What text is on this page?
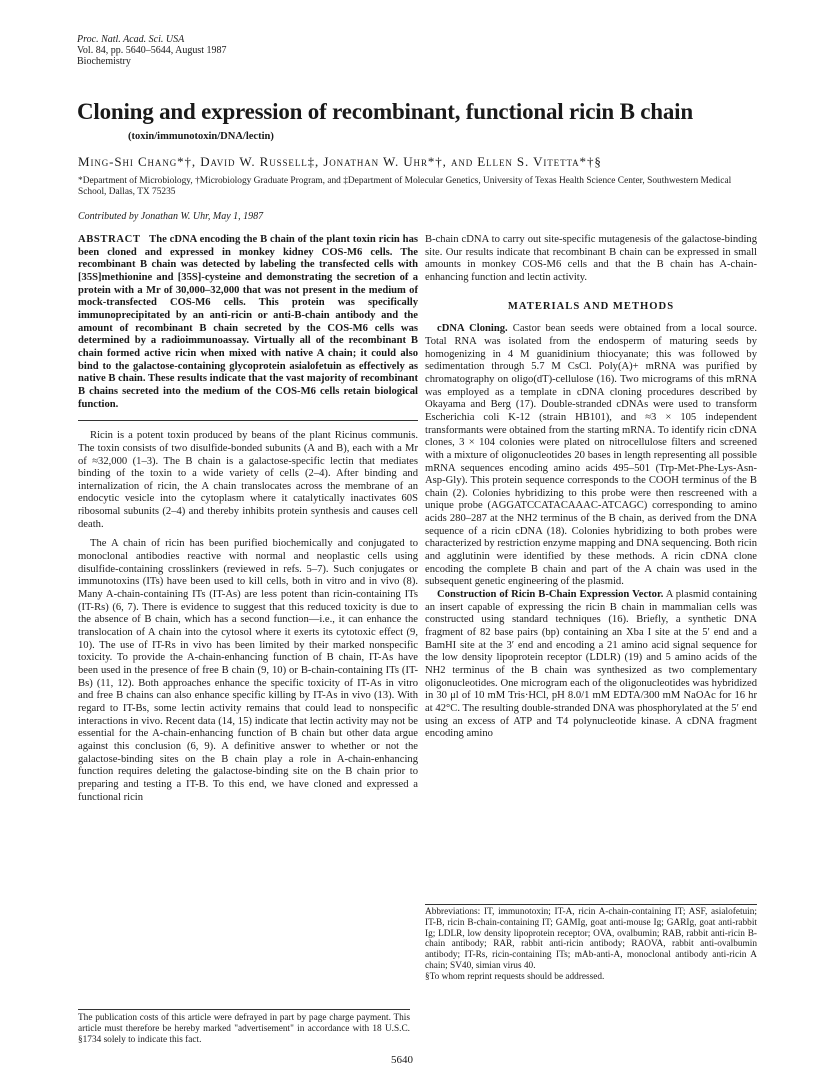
Proc. Natl. Acad. Sci. USA
Vol. 84, pp. 5640–5644, August 1987
Biochemistry
Cloning and expression of recombinant, functional ricin B chain
(toxin/immunotoxin/DNA/lectin)
Ming-Shi Chang*†, David W. Russell‡, Jonathan W. Uhr*†, and Ellen S. Vitetta*†§
*Department of Microbiology, †Microbiology Graduate Program, and ‡Department of Molecular Genetics, University of Texas Health Science Center, Southwestern Medical School, Dallas, TX 75235
Contributed by Jonathan W. Uhr, May 1, 1987

ABSTRACT The cDNA encoding the B chain of the plant toxin ricin has been cloned and expressed in monkey kidney COS-M6 cells. The recombinant B chain was detected by labeling the transfected cells with [35S]methionine and [35S]-cysteine and demonstrating the secretion of a protein with a Mr of 30,000–32,000 that was not present in the medium of mock-transfected COS-M6 cells. This protein was specifically immunoprecipitated by an anti-ricin or anti-B-chain antibody and the amount of recombinant B chain secreted by the COS-M6 cells was determined by a radioimmunoassay. Virtually all of the recombinant B chain formed active ricin when mixed with native A chain; it could also bind to the galactose-containing glycoprotein asialofetuin as effectively as native B chain. These results indicate that the vast majority of recombinant B chains secreted into the medium of the COS-M6 cells retain biological function.

Ricin is a potent toxin produced by beans of the plant Ricinus communis. The toxin consists of two disulfide-bonded subunits (A and B), each with a Mr of ≈32,000 (1–3). The B chain is a galactose-specific lectin that mediates binding of the toxin to a wide variety of cells (2–4). After binding and internalization of ricin, the A chain translocates across the membrane of an endocytic vesicle into the cytoplasm where it catalytically inactivates 60S ribosomal subunits (2–4) and thereby inhibits protein synthesis and causes cell death.

The A chain of ricin has been purified biochemically and conjugated to monoclonal antibodies reactive with normal and neoplastic cells using disulfide-containing crosslinkers (reviewed in refs. 5–7). Such conjugates or immunotoxins (ITs) have been used to kill cells, both in vitro and in vivo (8). Many A-chain-containing ITs (IT-As) are less potent than ricin-containing ITs (IT-Rs) (6, 7). There is evidence to suggest that this reduced toxicity is due to the absence of B chain, which has a second function—i.e., it can enhance the translocation of A chain into the cytosol where it exerts its cytotoxic effect (9, 10). The use of IT-Rs in vivo has been limited by their marked nonspecific toxicity. To provide the A-chain-enhancing function of B chain, IT-As have been used in the presence of free B chain (9, 10) or B-chain-containing ITs (IT-Bs) (11, 12). Both approaches enhance the specific toxicity of IT-As in vitro and free B chains can also enhance specific killing by IT-As in vivo (13). With regard to IT-Bs, some lectin activity remains that could lead to nonspecific interactions in vivo. Recent data (14, 15) indicate that lectin activity may not be essential for the A-chain-enhancing function of B chain but other data argue against this conclusion (6, 9). A definitive answer to whether or not the galactose-binding sites on the B chain play a role in A-chain-enhancing function requires deleting the galactose-binding site on the B chain prior to preparing and testing a IT-B. To this end, we have cloned and expressed a functional ricin

B-chain cDNA to carry out site-specific mutagenesis of the galactose-binding site. Our results indicate that recombinant B chain can be expressed in small amounts in monkey COS-M6 cells and that the B chain has A-chain-enhancing function and lectin activity.

MATERIALS AND METHODS

cDNA Cloning. Castor bean seeds were obtained from a local source. Total RNA was isolated from the endosperm of maturing seeds by homogenizing in 4 M guanidinium thiocyanate; this was followed by sedimentation through 5.7 M CsCl. Poly(A)+ mRNA was purified by chromatography on oligo(dT)-cellulose (16). Two micrograms of this mRNA was employed as a template in cDNA cloning procedures described by Okayama and Berg (17). Double-stranded cDNAs were used to transform Escherichia coli K-12 (strain HB101), and ≈3 × 105 independent transformants were obtained from the starting mRNA. To identify ricin cDNA clones, 3 × 104 colonies were plated on nitrocellulose filters and screened with a mixture of oligonucleotides 20 bases in length representing all possible mRNA sequences encoding amino acids 495–501 (Trp-Met-Phe-Lys-Asn-Asp-Gly). This protein sequence corresponds to the COOH terminus of the B chain (2). Colonies hybridizing to this probe were then rescreened with a unique probe (AGGATCCATACAAAC-ATCAGC) corresponding to amino acids 280–287 at the NH2 terminus of the B chain, as derived from the DNA sequence of a ricin cDNA (18). Colonies hybridizing to both probes were characterized by restriction enzyme mapping and DNA sequencing. Both ricin and agglutinin were identified by these methods. A ricin cDNA clone encoding the complete B chain and part of the A chain was used in the subsequent genetic engineering of the plasmid.

Construction of Ricin B-Chain Expression Vector. A plasmid containing an insert capable of expressing the ricin B chain in mammalian cells was constructed using standard techniques (16). Briefly, a synthetic DNA fragment of 82 base pairs (bp) containing an Xba I site at the 5′ end and a BamHI site at the 3′ end and encoding a 21 amino acid signal sequence for the low density lipoprotein receptor (LDLR) (19) and 5 amino acids of the NH2 terminus of the B chain was synthesized as two complementary oligonucleotides. One microgram each of the oligonucleotides was hybridized in 30 μl of 10 mM Tris·HCl, pH 8.0/1 mM EDTA/300 mM NaOAc for 16 hr at 42°C. The resulting double-stranded DNA was phosphorylated at the 5′ end using an excess of ATP and T4 polynucleotide kinase. A cDNA fragment encoding amino

Abbreviations: IT, immunotoxin; IT-A, ricin A-chain-containing IT; ASF, asialofetuin; IT-B, ricin B-chain-containing IT; GAMIg, goat anti-mouse Ig; GARIg, goat anti-rabbit Ig; LDLR, low density lipoprotein receptor; OVA, ovalbumin; RAB, rabbit anti-ricin B-chain antibody; RAR, rabbit anti-ricin antibody; RAOVA, rabbit anti-ovalbumin antibody; IT-Rs, ricin-containing ITs; mAb-anti-A, monoclonal antibody anti-ricin A chain; SV40, simian virus 40.
§To whom reprint requests should be addressed.
The publication costs of this article were defrayed in part by page charge payment. This article must therefore be hereby marked "advertisement" in accordance with 18 U.S.C. §1734 solely to indicate this fact.
5640
